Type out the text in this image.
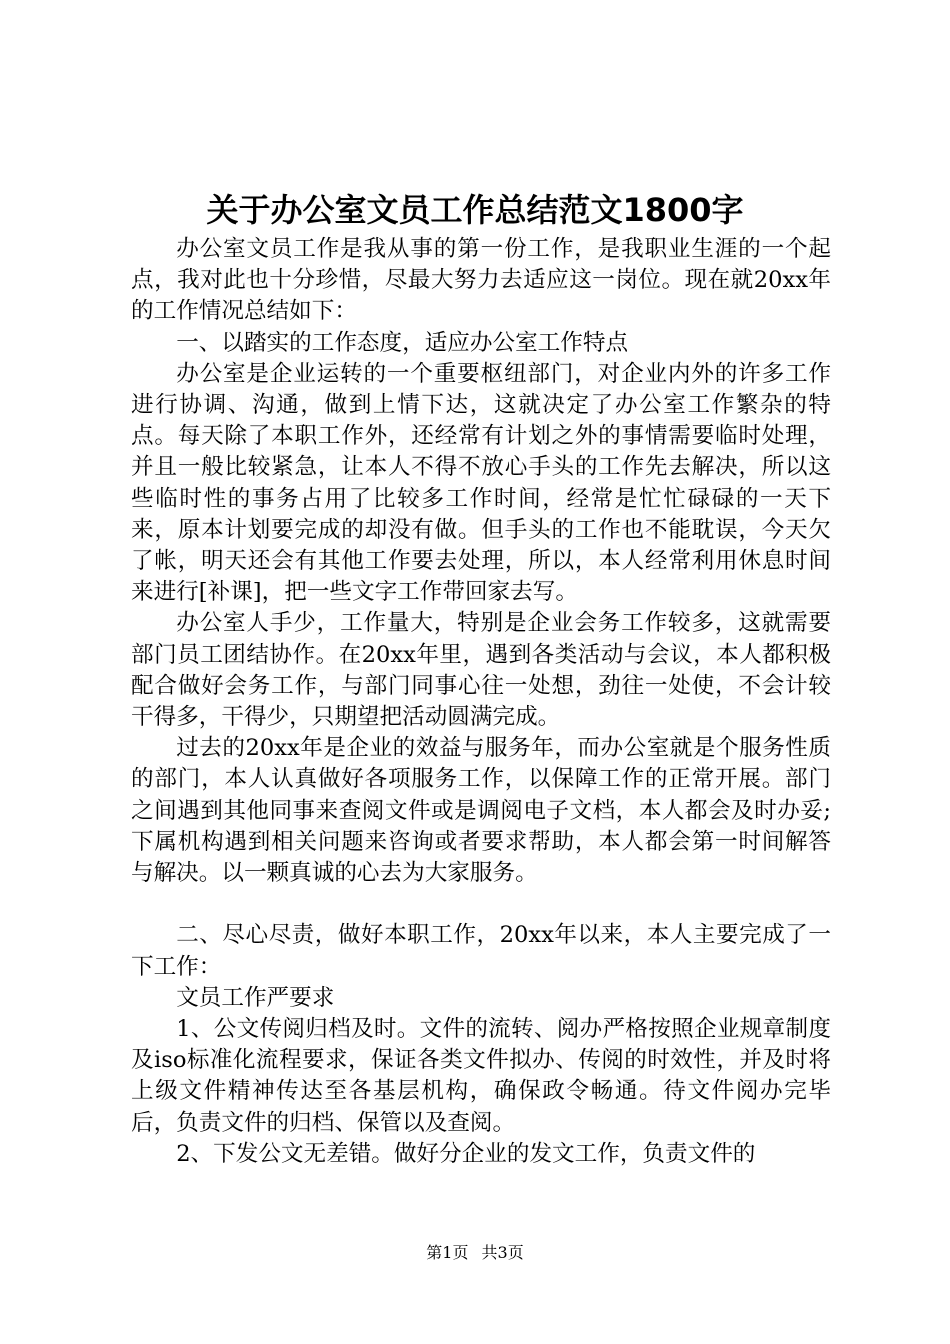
关于办公室文员工作总结范文1800字

办公室文员工作是我从事的第一份工作，是我职业生涯的一个起点，我对此也十分珍惜，尽最大努力去适应这一岗位。现在就20xx年的工作情况总结如下：

一、以踏实的工作态度，适应办公室工作特点

办公室是企业运转的一个重要枢纽部门，对企业内外的许多工作进行协调、沟通，做到上情下达，这就决定了办公室工作繁杂的特点。每天除了本职工作外，还经常有计划之外的事情需要临时处理，并且一般比较紧急，让本人不得不放心手头的工作先去解决，所以这些临时性的事务占用了比较多工作时间，经常是忙忙碌碌的一天下来，原本计划要完成的却没有做。但手头的工作也不能耽误，今天欠了帐，明天还会有其他工作要去处理，所以，本人经常利用休息时间来进行[补课]，把一些文字工作带回家去写。

办公室人手少，工作量大，特别是企业会务工作较多，这就需要部门员工团结协作。在20xx年里，遇到各类活动与会议，本人都积极配合做好会务工作，与部门同事心往一处想，劲往一处使，不会计较干得多，干得少，只期望把活动圆满完成。

过去的20xx年是企业的效益与服务年，而办公室就是个服务性质的部门，本人认真做好各项服务工作，以保障工作的正常开展。部门之间遇到其他同事来查阅文件或是调阅电子文档，本人都会及时办妥;下属机构遇到相关问题来咨询或者要求帮助，本人都会第一时间解答与解决。以一颗真诚的心去为大家服务。

二、尽心尽责，做好本职工作，20xx年以来，本人主要完成了一下工作：

文员工作严要求

1、公文传阅归档及时。文件的流转、阅办严格按照企业规章制度及iso标准化流程要求，保证各类文件拟办、传阅的时效性，并及时将上级文件精神传达至各基层机构，确保政令畅通。待文件阅办完毕后，负责文件的归档、保管以及查阅。

2、下发公文无差错。做好分企业的发文工作，负责文件的

第1页 共3页
